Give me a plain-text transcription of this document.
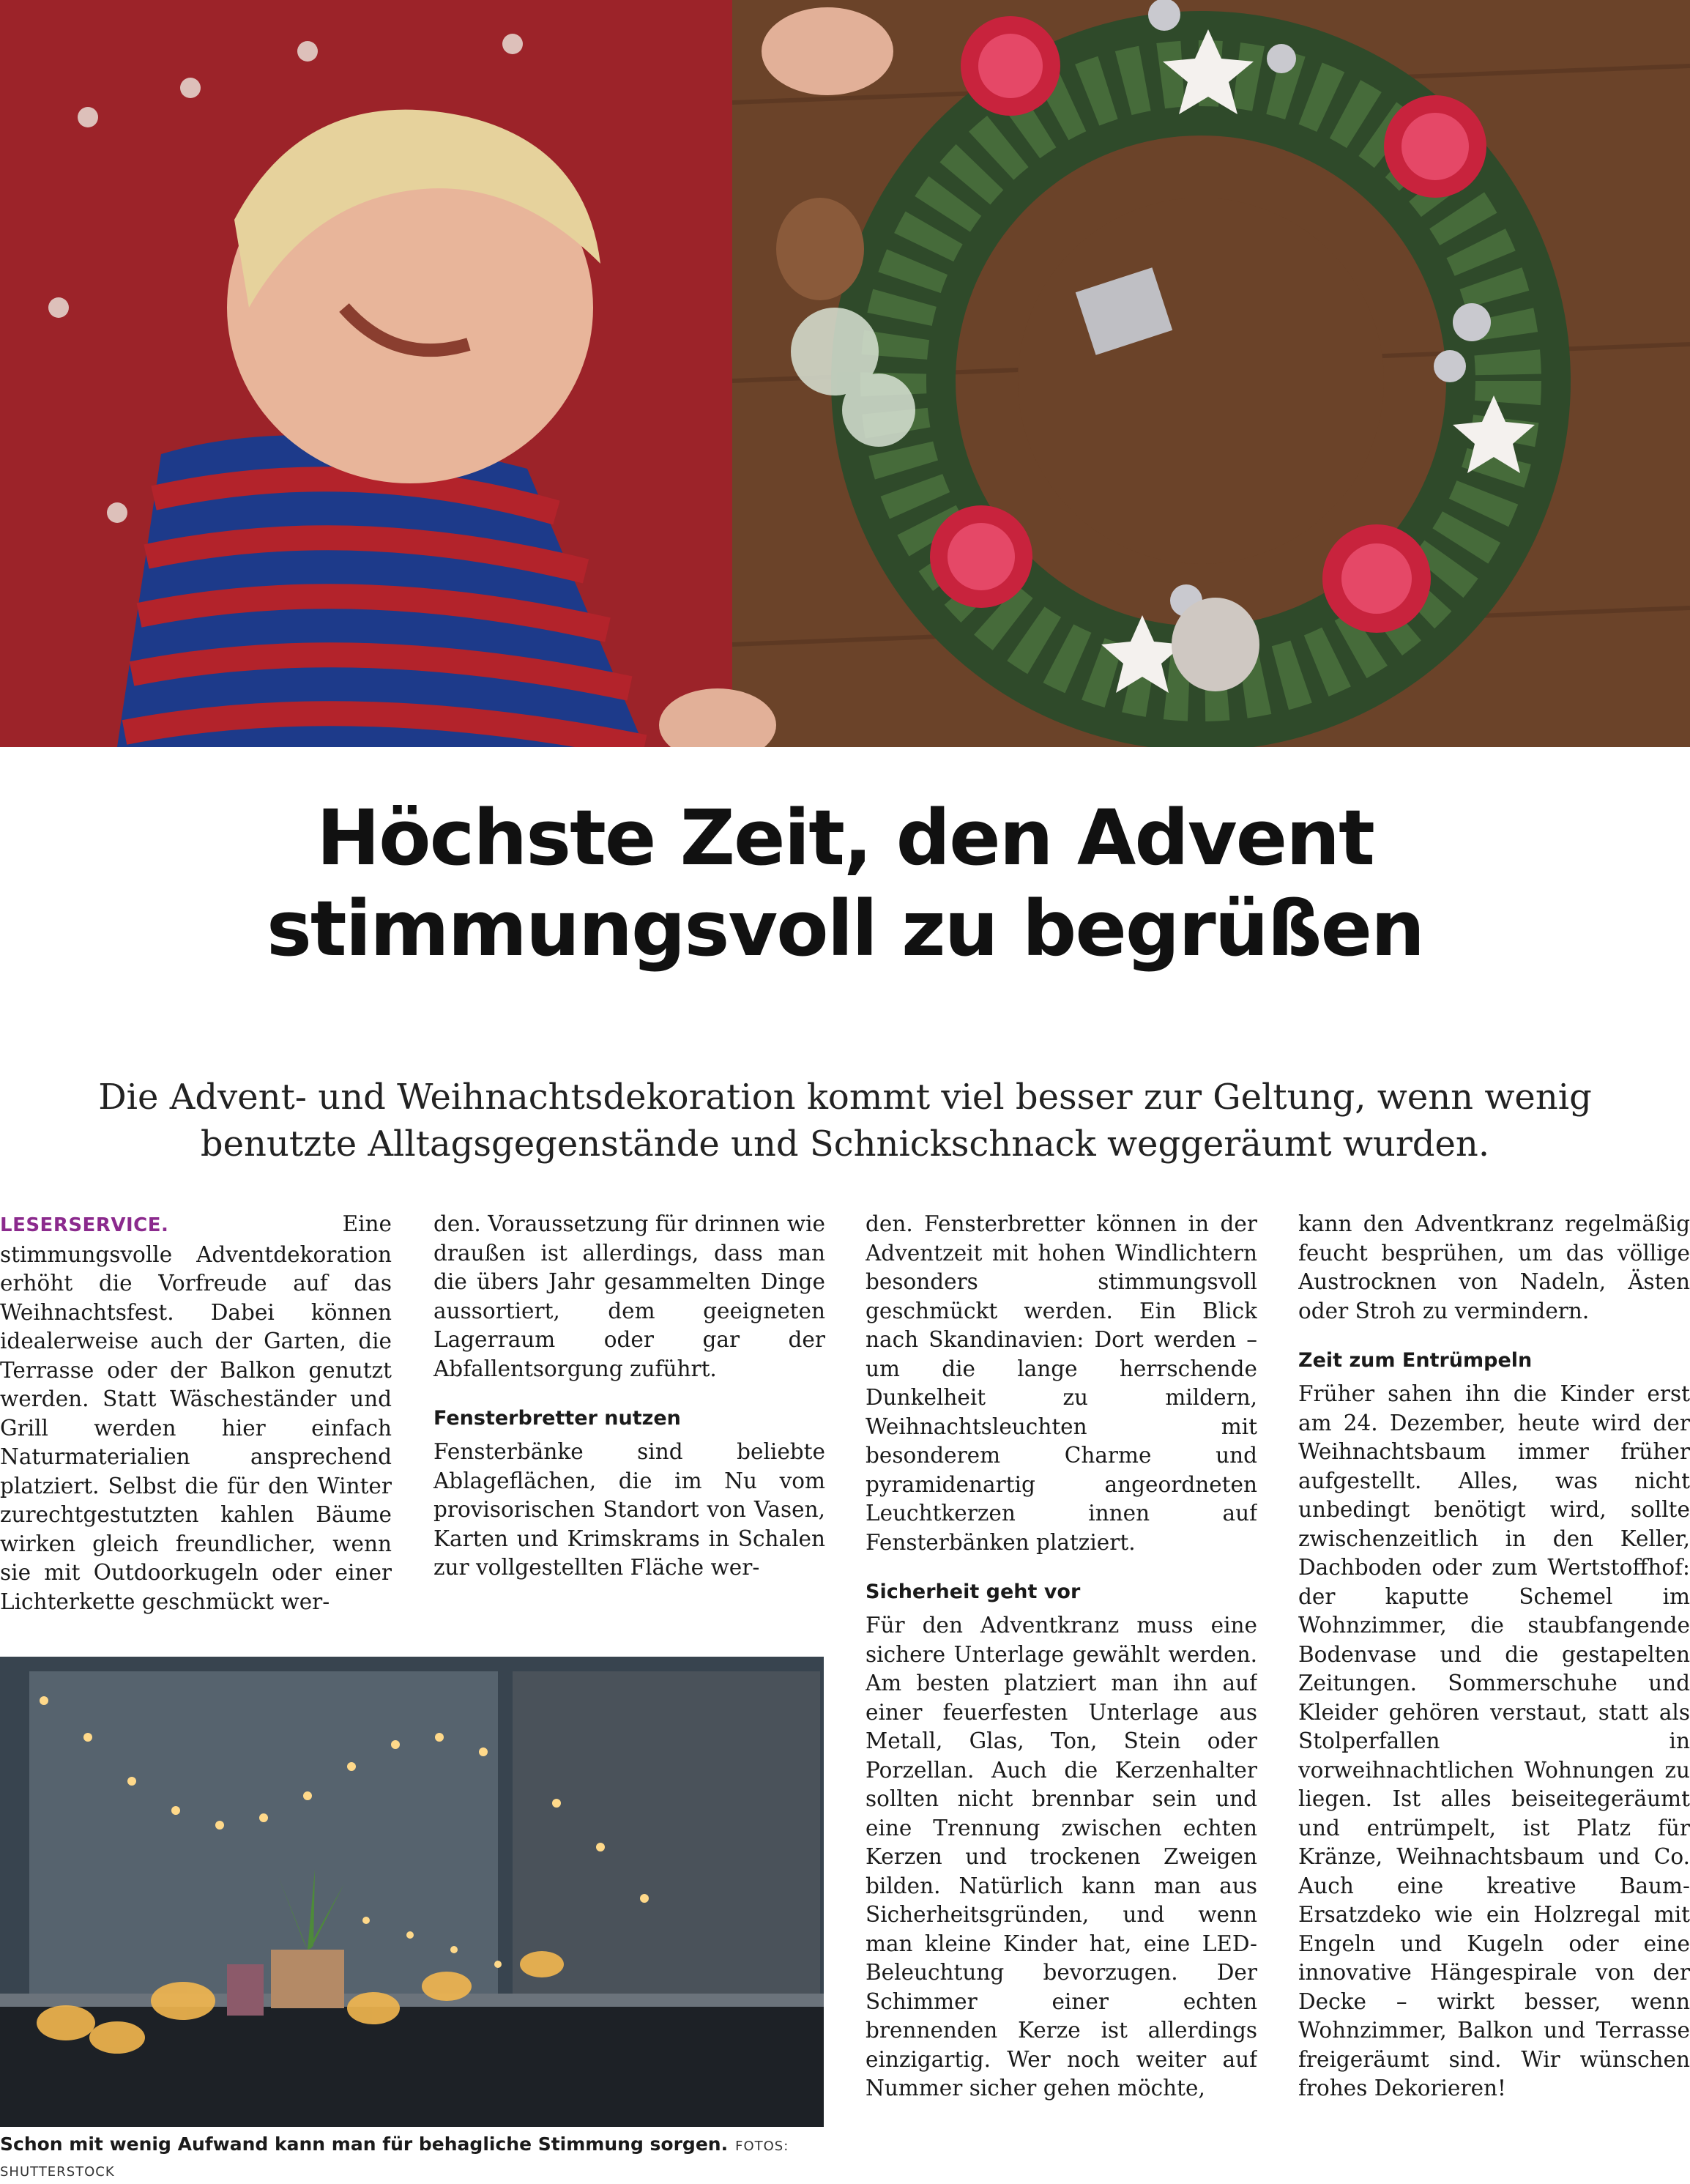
Höchste Zeit, den Advent
stimmungsvoll zu begrüßen
Die Advent- und Weihnachtsdekoration kommt viel besser zur Geltung, wenn wenig
benutzte Alltagsgegenstände und Schnickschnack weggeräumt wurden.

LESERSERVICE. Eine stimmungsvolle Adventdekoration erhöht die Vorfreude auf das Weihnachtsfest. Dabei können idealerweise auch der Garten, die Terrasse oder der Balkon genutzt werden. Statt Wäscheständer und Grill werden hier einfach Naturmaterialien ansprechend platziert. Selbst die für den Winter zurechtgestutzten kahlen Bäume wirken gleich freundlicher, wenn sie mit Outdoorkugeln oder einer Lichterkette geschmückt wer-

den. Voraussetzung für drinnen wie draußen ist allerdings, dass man die übers Jahr gesammelten Dinge aussortiert, dem geeigneten Lagerraum oder gar der Abfallentsorgung zuführt.

Fensterbretter nutzen

Fensterbänke sind beliebte Ablageflächen, die im Nu vom provisorischen Standort von Vasen, Karten und Krimskrams in Schalen zur vollgestellten Fläche wer-

den. Fensterbretter können in der Adventzeit mit hohen Windlichtern besonders stimmungsvoll geschmückt werden. Ein Blick nach Skandinavien: Dort werden – um die lange herrschende Dunkelheit zu mildern, Weihnachtsleuchten mit besonderem Charme und pyramidenartig angeordneten Leuchtkerzen innen auf Fensterbänken platziert.

Sicherheit geht vor

Für den Adventkranz muss eine sichere Unterlage gewählt werden. Am besten platziert man ihn auf einer feuerfesten Unterlage aus Metall, Glas, Ton, Stein oder Porzellan. Auch die Kerzenhalter sollten nicht brennbar sein und eine Trennung zwischen echten Kerzen und trockenen Zweigen bilden. Natürlich kann man aus Sicherheitsgründen, und wenn man kleine Kinder hat, eine LED-Beleuchtung bevorzugen. Der Schimmer einer echten brennenden Kerze ist allerdings einzigartig. Wer noch weiter auf Nummer sicher gehen möchte,

kann den Adventkranz regelmäßig feucht besprühen, um das völlige Austrocknen von Nadeln, Ästen oder Stroh zu vermindern.

Zeit zum Entrümpeln

Früher sahen ihn die Kinder erst am 24. Dezember, heute wird der Weihnachtsbaum immer früher aufgestellt. Alles, was nicht unbedingt benötigt wird, sollte zwischenzeitlich in den Keller, Dachboden oder zum Wertstoffhof: der kaputte Schemel im Wohnzimmer, die staubfangende Bodenvase und die gestapelten Zeitungen. Sommerschuhe und Kleider gehören verstaut, statt als Stolperfallen in vorweihnachtlichen Wohnungen zu liegen. Ist alles beiseitegeräumt und entrümpelt, ist Platz für Kränze, Weihnachtsbaum und Co. Auch eine kreative Baum-Ersatzdeko wie ein Holzregal mit Engeln und Kugeln oder eine innovative Hängespirale von der Decke – wirkt besser, wenn Wohnzimmer, Balkon und Terrasse freigeräumt sind. Wir wünschen frohes Dekorieren!

Schon mit wenig Aufwand kann man für behagliche Stimmung sorgen. FOTOS: SHUTTERSTOCK
